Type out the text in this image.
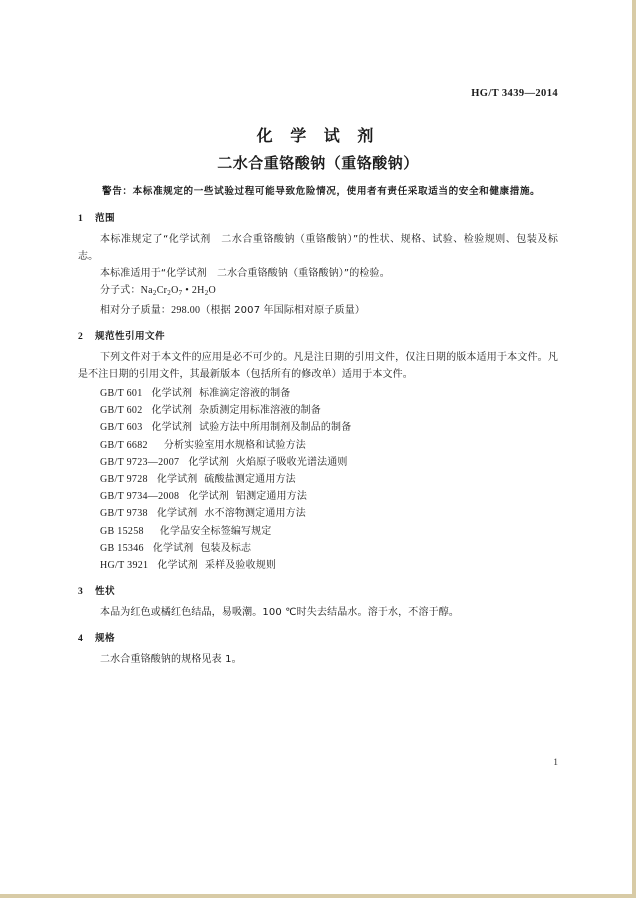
HG/T 3439—2014
化 学 试 剂
二水合重铬酸钠（重铬酸钠）

警告：本标准规定的一些试验过程可能导致危险情况，使用者有责任采取适当的安全和健康措施。

1 范围

本标准规定了“化学试剂　二水合重铬酸钠（重铬酸钠）”的性状、规格、试验、检验规则、包装及标志。

本标准适用于“化学试剂　二水合重铬酸钠（重铬酸钠）”的检验。

分子式：$Na_2Cr_2O_7$ • $2H_2O$

相对分子质量：298.00（根据 2007 年国际相对原子质量）

2 规范性引用文件

下列文件对于本文件的应用是必不可少的。凡是注日期的引用文件，仅注日期的版本适用于本文件。凡是不注日期的引用文件，其最新版本（包括所有的修改单）适用于本文件。

GB/T 601 化学试剂 标准滴定溶液的制备
GB/T 602 化学试剂 杂质测定用标准溶液的制备
GB/T 603 化学试剂 试验方法中所用制剂及制品的制备
GB/T 6682 分析实验室用水规格和试验方法
GB/T 9723—2007 化学试剂 火焰原子吸收光谱法通则
GB/T 9728 化学试剂 硫酸盐测定通用方法
GB/T 9734—2008 化学试剂 铝测定通用方法
GB/T 9738 化学试剂 水不溶物测定通用方法
GB 15258 化学品安全标签编写规定
GB 15346 化学试剂 包装及标志
HG/T 3921 化学试剂 采样及验收规则
3 性状

本品为红色或橘红色结晶，易吸潮。100 ℃时失去结晶水。溶于水，不溶于醇。

4 规格

二水合重铬酸钠的规格见表 1。

1
